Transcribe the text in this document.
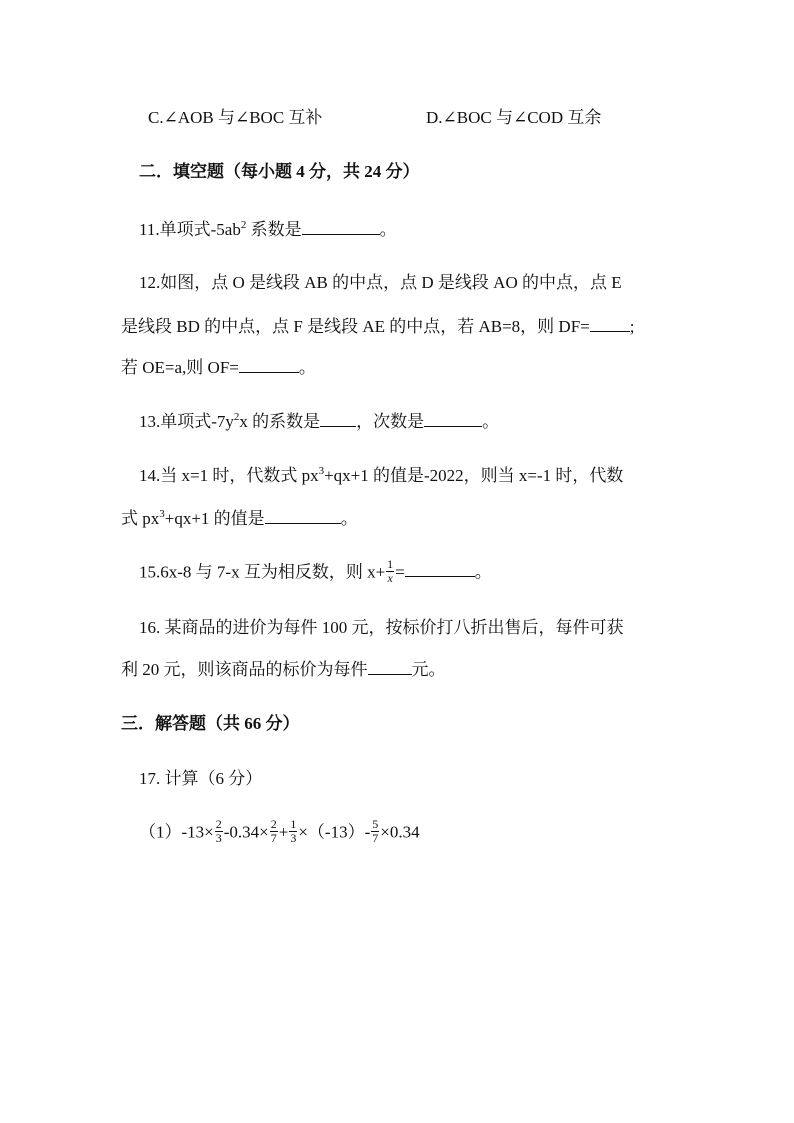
C.∠AOB 与∠BOC 互补	D.∠BOC 与∠COD 互余
二．填空题（每小题 4 分，共 24 分）
11.单项式$-5ab^2$ 系数是	。
12.如图，点 O 是线段 AB 的中点，点 D 是线段 AO 的中点，点 E
是线段 BD 的中点，点 F 是线段 AE 的中点，若 AB=8，则 DF= ;
若 OE=a,则 OF=	。
13.单项式$-7y^2x$ 的系数是 ，次数是	。
14.当 x=1 时，代数式 $px^3+qx+1$ 的值是-2022，则当 x=-1 时，代数
式 $px^3+qx+1$ 的值是	。
15.6x-8 与 7-x 互为相反数，则 $x+ \frac{1}{x}$ =	。
16. 某商品的进价为每件 100 元，按标价打八折出售后，每件可获
利 20 元，则该商品的标价为每件	元。
三．解答题（共 66 分）
17. 计算（6 分）
$(1)-13\times \frac{2}{3} -0.34\times \frac{2}{7} + \frac{1}{3} \times(-13)- \frac{5}{7} \times 0.34$
